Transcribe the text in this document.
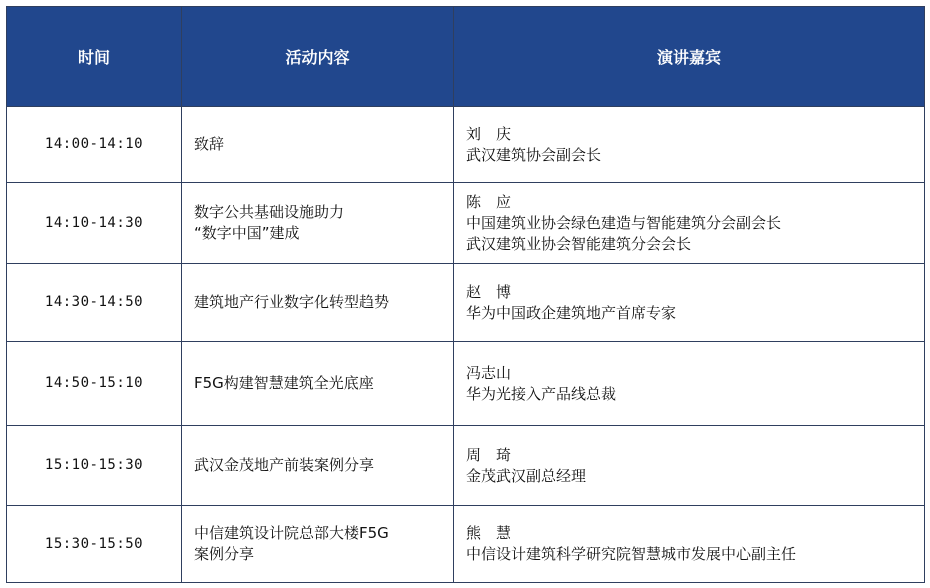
时间	活动内容	演讲嘉宾
14:00-14:10	致辞	刘　庆
武汉建筑协会副会长

14:10-14:30	数字公共基础设施助力
“数字中国”建成	陈　应
中国建筑业协会绿色建造与智能建筑分会副会长
武汉建筑业协会智能建筑分会会长

14:30-14:50	建筑地产行业数字化转型趋势	赵　博
华为中国政企建筑地产首席专家

14:50-15:10	F5G构建智慧建筑全光底座	冯志山
华为光接入产品线总裁

15:10-15:30	武汉金茂地产前装案例分享	周　琦
金茂武汉副总经理

15:30-15:50	中信建筑设计院总部大楼F5G
案例分享	熊　慧
中信设计建筑科学研究院智慧城市发展中心副主任
